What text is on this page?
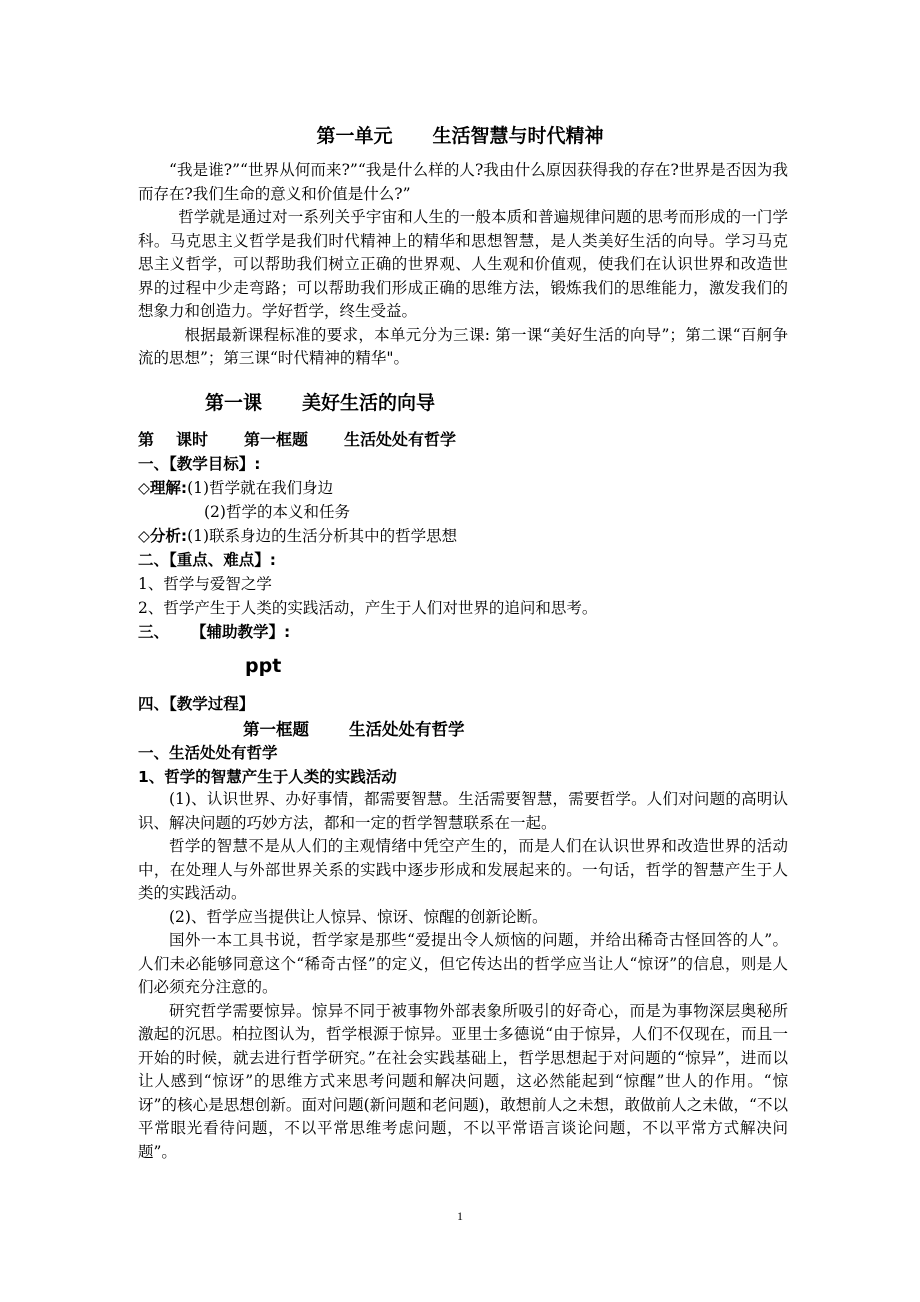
第一单元 生活智慧与时代精神

“我是谁?”“世界从何而来?”“我是什么样的人?我由什么原因获得我的存在?世界是否因为我而存在?我们生命的意义和价值是什么?”

哲学就是通过对一系列关乎宇宙和人生的一般本质和普遍规律问题的思考而形成的一门学科。马克思主义哲学是我们时代精神上的精华和思想智慧，是人类美好生活的向导。学习马克思主义哲学，可以帮助我们树立正确的世界观、人生观和价值观，使我们在认识世界和改造世界的过程中少走弯路；可以帮助我们形成正确的思维方法，锻炼我们的思维能力，激发我们的想象力和创造力。学好哲学，终生受益。

根据最新课程标准的要求，本单元分为三课: 第一课“美好生活的向导”；第二课“百舸争流的思想”；第三课“时代精神的精华"。

第一课 美好生活的向导
第 课时 第一框题 生活处处有哲学
一、【教学目标】:
◇理解:(1)哲学就在我们身边
(2)哲学的本义和任务
◇分析:(1)联系身边的生活分析其中的哲学思想
二、【重点、难点】:
1、哲学与爱智之学
2、哲学产生于人类的实践活动，产生于人们对世界的追问和思考。
三、 【辅助教学】:
ppt
四、【教学过程】
第一框题 生活处处有哲学
一、生活处处有哲学
1、哲学的智慧产生于人类的实践活动

(1)、认识世界、办好事情，都需要智慧。生活需要智慧，需要哲学。人们对问题的高明认识、解决问题的巧妙方法，都和一定的哲学智慧联系在一起。

哲学的智慧不是从人们的主观情绪中凭空产生的，而是人们在认识世界和改造世界的活动中，在处理人与外部世界关系的实践中逐步形成和发展起来的。一句话，哲学的智慧产生于人类的实践活动。

(2)、哲学应当提供让人惊异、惊讶、惊醒的创新论断。

国外一本工具书说，哲学家是那些“爱提出令人烦恼的问题，并给出稀奇古怪回答的人”。人们未必能够同意这个“稀奇古怪”的定义，但它传达出的哲学应当让人“惊讶”的信息，则是人们必须充分注意的。

研究哲学需要惊异。惊异不同于被事物外部表象所吸引的好奇心，而是为事物深层奥秘所激起的沉思。柏拉图认为，哲学根源于惊异。亚里士多德说“由于惊异，人们不仅现在，而且一开始的时候，就去进行哲学研究。”在社会实践基础上，哲学思想起于对问题的“惊异”，进而以让人感到“惊讶”的思维方式来思考问题和解决问题，这必然能起到“惊醒”世人的作用。“惊讶”的核心是思想创新。面对问题(新问题和老问题)，敢想前人之未想，敢做前人之未做，“不以平常眼光看待问题，不以平常思维考虑问题，不以平常语言谈论问题，不以平常方式解决问题”。

1
